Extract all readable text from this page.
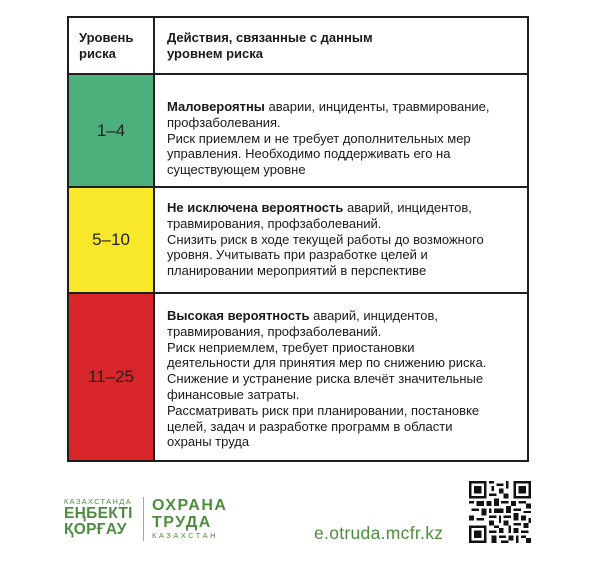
Уровень
риска
Действия, связанные с данным
уровнем риска
1–4
Маловероятны аварии, инциденты, травмирование,
профзаболевания.
Риск приемлем и не требует дополнительных мер
управления. Необходимо поддерживать его на
существующем уровне
5–10
Не исключена вероятность аварий, инцидентов,
травмирования, профзаболеваний.
Снизить риск в ходе текущей работы до возможного
уровня. Учитывать при разработке целей и
планировании мероприятий в перспективе
11–25
Высокая вероятность аварий, инцидентов,
травмирования, профзаболеваний.
Риск неприемлем, требует приостановки
деятельности для принятия мер по снижению риска.
Снижение и устранение риска влечёт значительные
финансовые затраты.
Рассматривать риск при планировании, постановке
целей, задач и разработке программ в области
охраны труда
КАЗАХСТАНДА
ЕҢБЕКТІ
ҚОРҒАУ
ОХРАНА
ТРУДА
КАЗАХСТАН	e.otruda.mcfr.kz
